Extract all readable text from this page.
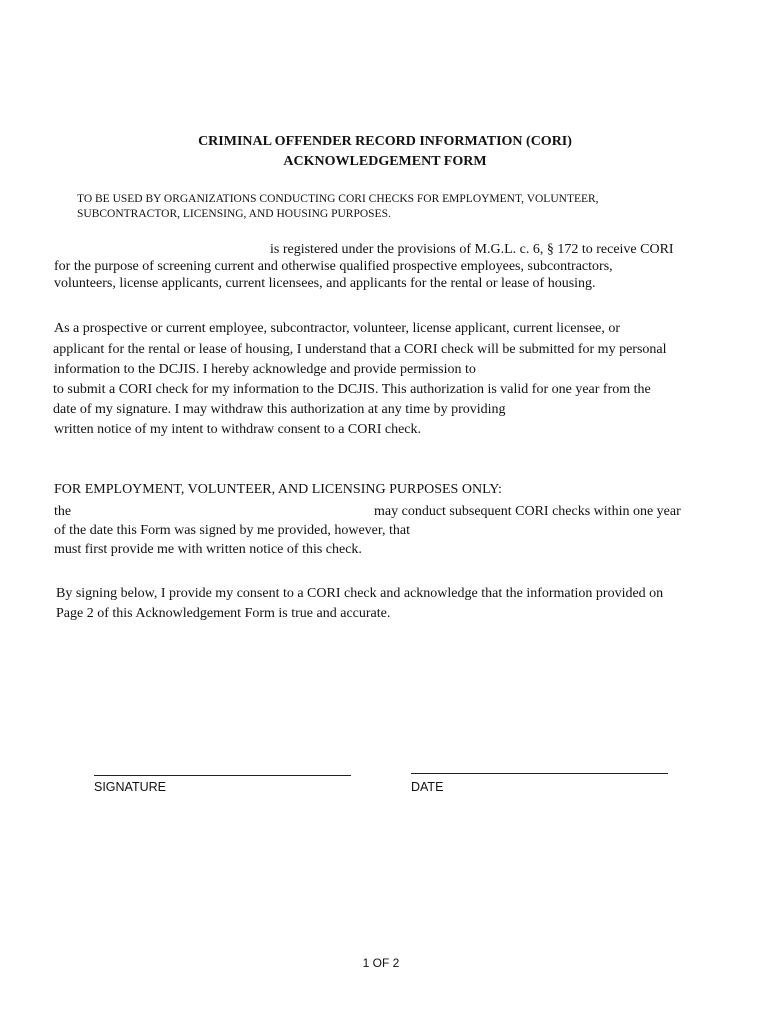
CRIMINAL OFFENDER RECORD INFORMATION (CORI)
ACKNOWLEDGEMENT FORM
TO BE USED BY ORGANIZATIONS CONDUCTING CORI CHECKS FOR EMPLOYMENT, VOLUNTEER,
SUBCONTRACTOR, LICENSING, AND HOUSING PURPOSES.
is registered under the provisions of M.G.L. c. 6, § 172 to receive CORI
for the purpose of screening current and otherwise qualified prospective employees, subcontractors,
volunteers, license applicants, current licensees, and applicants for the rental or lease of housing.
As a prospective or current employee, subcontractor, volunteer, license applicant, current licensee, or
applicant for the rental or lease of housing, I understand that a CORI check will be submitted for my personal
information to the DCJIS. I hereby acknowledge and provide permission to
to submit a CORI check for my information to the DCJIS. This authorization is valid for one year from the
date of my signature. I may withdraw this authorization at any time by providing
written notice of my intent to withdraw consent to a CORI check.
FOR EMPLOYMENT, VOLUNTEER, AND LICENSING PURPOSES ONLY:
the	may conduct subsequent CORI checks within one year
of the date this Form was signed by me provided, however, that
must first provide me with written notice of this check.
By signing below, I provide my consent to a CORI check and acknowledge that the information provided on
Page 2 of this Acknowledgement Form is true and accurate.
SIGNATURE	DATE
1 OF 2
